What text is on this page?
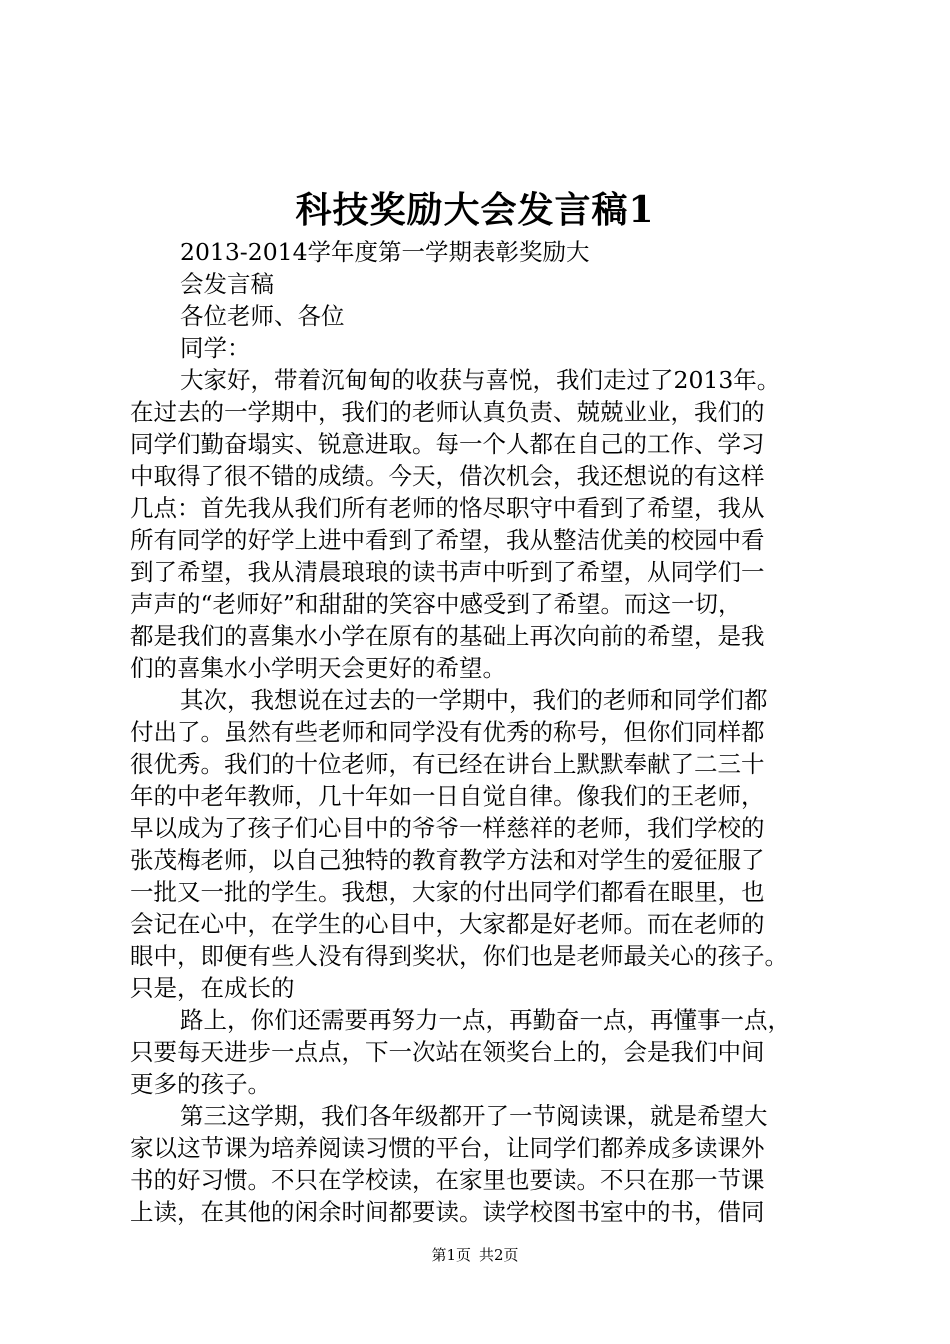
科技奖励大会发言稿1
2013-2014学年度第一学期表彰奖励大
会发言稿
各位老师、各位
同学：
大家好，带着沉甸甸的收获与喜悦，我们走过了2013年。
在过去的一学期中，我们的老师认真负责、兢兢业业，我们的
同学们勤奋塌实、锐意进取。每一个人都在自己的工作、学习
中取得了很不错的成绩。今天，借次机会，我还想说的有这样
几点：首先我从我们所有老师的恪尽职守中看到了希望，我从
所有同学的好学上进中看到了希望，我从整洁优美的校园中看
到了希望，我从清晨琅琅的读书声中听到了希望，从同学们一
声声的“老师好”和甜甜的笑容中感受到了希望。而这一切，
都是我们的喜集水小学在原有的基础上再次向前的希望，是我
们的喜集水小学明天会更好的希望。
其次，我想说在过去的一学期中，我们的老师和同学们都
付出了。虽然有些老师和同学没有优秀的称号，但你们同样都
很优秀。我们的十位老师，有已经在讲台上默默奉献了二三十
年的中老年教师，几十年如一日自觉自律。像我们的王老师，
早以成为了孩子们心目中的爷爷一样慈祥的老师，我们学校的
张茂梅老师，以自己独特的教育教学方法和对学生的爱征服了
一批又一批的学生。我想，大家的付出同学们都看在眼里，也
会记在心中，在学生的心目中，大家都是好老师。而在老师的
眼中，即便有些人没有得到奖状，你们也是老师最关心的孩子。
只是，在成长的
路上，你们还需要再努力一点，再勤奋一点，再懂事一点，
只要每天进步一点点，下一次站在领奖台上的，会是我们中间
更多的孩子。
第三这学期，我们各年级都开了一节阅读课，就是希望大
家以这节课为培养阅读习惯的平台，让同学们都养成多读课外
书的好习惯。不只在学校读，在家里也要读。不只在那一节课
上读，在其他的闲余时间都要读。读学校图书室中的书，借同
第1页 共2页
